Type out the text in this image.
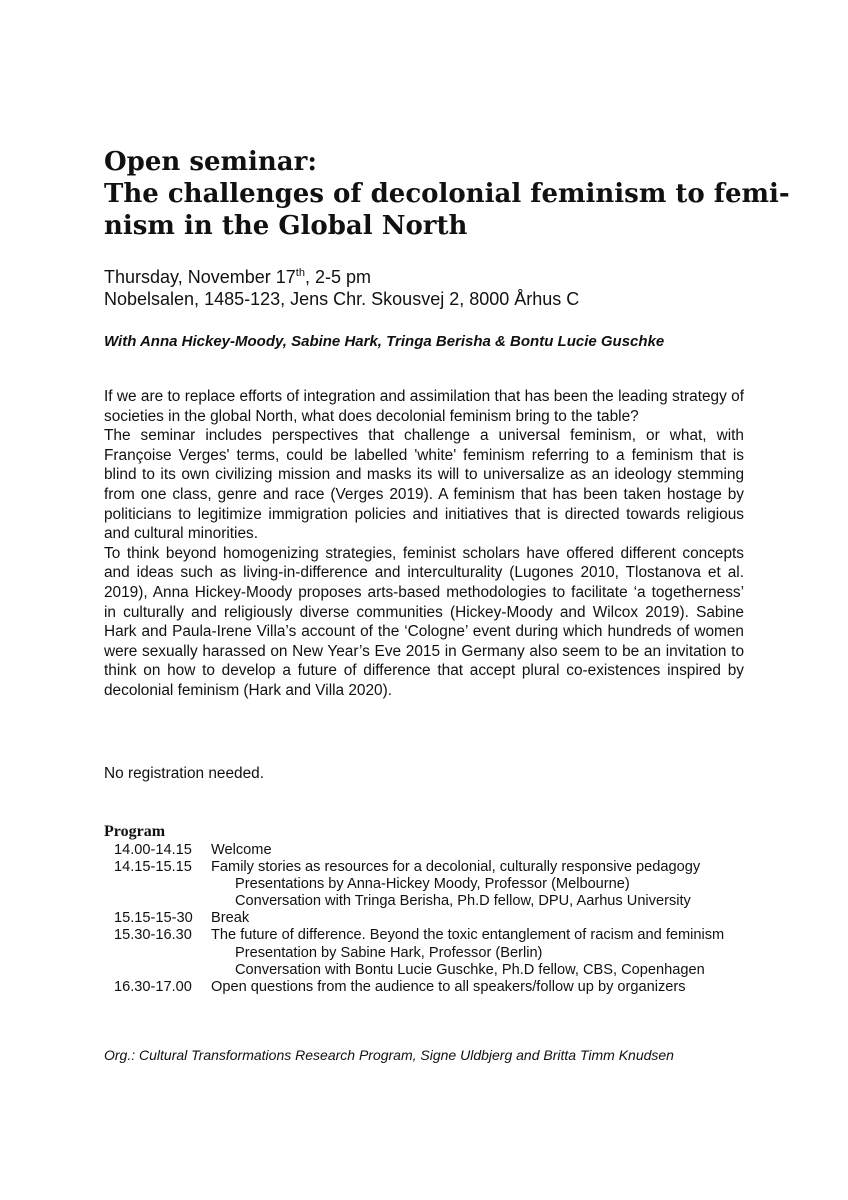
Open seminar:
The challenges of decolonial feminism to femi-
nism in the Global North
Thursday, November 17th, 2-5 pm
Nobelsalen, 1485-123, Jens Chr. Skousvej 2, 8000 Århus C
With Anna Hickey-Moody, Sabine Hark, Tringa Berisha & Bontu Lucie Guschke

If we are to replace efforts of integration and assimilation that has been the leading strategy of societies in the global North, what does decolonial feminism bring to the table?

The seminar includes perspectives that challenge a universal feminism, or what, with Françoise Verges' terms, could be labelled 'white' feminism referring to a feminism that is blind to its own civilizing mission and masks its will to universalize as an ideology stemming from one class, genre and race (Verges 2019). A feminism that has been taken hostage by politicians to legitimize immigration policies and initiatives that is directed towards religious and cultural minorities.

To think beyond homogenizing strategies, feminist scholars have offered different concepts and ideas such as living-in-difference and interculturality (Lugones 2010, Tlostanova et al. 2019), Anna Hickey-Moody proposes arts-based methodologies to facilitate ‘a togetherness’ in culturally and religiously diverse communities (Hickey-Moody and Wilcox 2019). Sabine Hark and Paula-Irene Villa’s account of the ‘Cologne’ event during which hundreds of women were sexually harassed on New Year’s Eve 2015 in Germany also seem to be an invitation to think on how to develop a future of difference that accept plural co-existences inspired by decolonial feminism (Hark and Villa 2020).

No registration needed.
Program
14.00-14.15	Welcome
14.15-15.15	Family stories as resources for a decolonial, culturally responsive pedagogy
Presentations by Anna-Hickey Moody, Professor (Melbourne)
Conversation with Tringa Berisha, Ph.D fellow, DPU, Aarhus University
15.15-15-30	Break
15.30-16.30	The future of difference. Beyond the toxic entanglement of racism and feminism
Presentation by Sabine Hark, Professor (Berlin)
Conversation with Bontu Lucie Guschke, Ph.D fellow, CBS, Copenhagen
16.30-17.00	Open questions from the audience to all speakers/follow up by organizers
Org.: Cultural Transformations Research Program, Signe Uldbjerg and Britta Timm Knudsen
